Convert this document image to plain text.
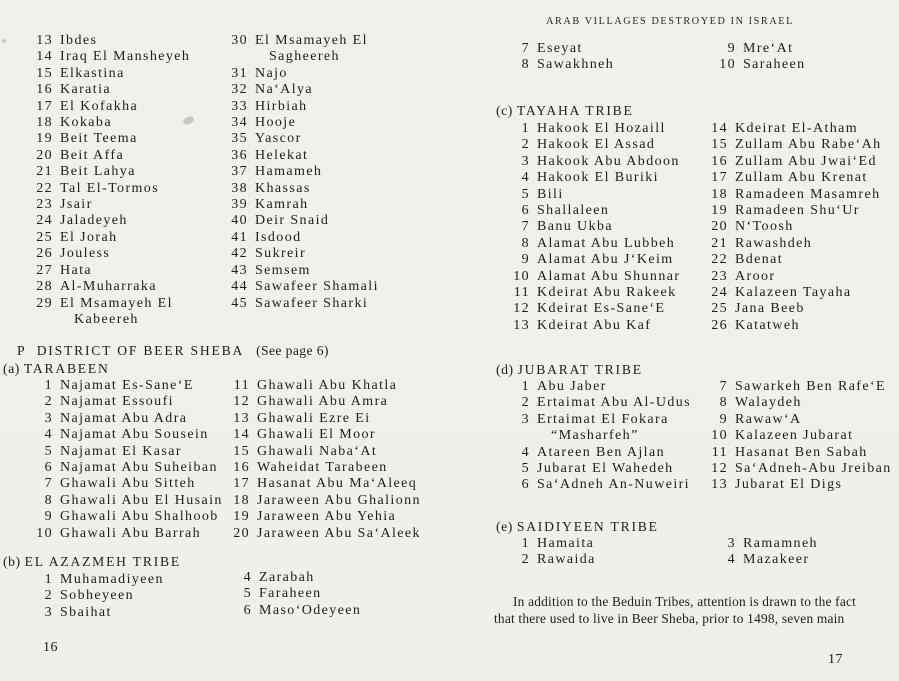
13 Ibdes
14 Iraq El Mansheyeh
15 Elkastina
16 Karatia
17 El Kofakha
18 Kokaba
19 Beit Teema
20 Beit Affa
21 Beit Lahya
22 Tal El-Tormos
23 Jsair
24 Jaladeyeh
25 El Jorah
26 Jouless
27 Hata
28 Al-Muharraka
29 El Msamayeh El
Kabeereh
30 El Msamayeh El
Sagheereh
31 Najo
32 Na‘Alya
33 Hirbiah
34 Hooje
35 Yascor
36 Helekat
37 Hamameh
38 Khassas
39 Kamrah
40 Deir Snaid
41 Isdood
42 Sukreir
43 Semsem
44 Sawafeer Shamali
45 Sawafeer Sharki
P DISTRICT OF BEER SHEBA (See page 6)
(a) TARABEEN
1 Najamat Es-Sane‘E
2 Najamat Essoufi
3 Najamat Abu Adra
4 Najamat Abu Sousein
5 Najamat El Kasar
6 Najamat Abu Suheiban
7 Ghawali Abu Sitteh
8 Ghawali Abu El Husain
9 Ghawali Abu Shalhoob
10 Ghawali Abu Barrah
11 Ghawali Abu Khatla
12 Ghawali Abu Amra
13 Ghawali Ezre Ei
14 Ghawali El Moor
15 Ghawali Naba‘At
16 Waheidat Tarabeen
17 Hasanat Abu Ma‘Aleeq
18 Jaraween Abu Ghalionn
19 Jaraween Abu Yehia
20 Jaraween Abu Sa‘Aleek
(b) EL AZAZMEH TRIBE
1 Muhamadiyeen
2 Sobheyeen
3 Sbaihat
4 Zarabah
5 Faraheen
6 Maso‘Odeyeen
16
ARAB VILLAGES DESTROYED IN ISRAEL
7 Eseyat
8 Sawakhneh
9 Mre‘At
10 Saraheen
(c) TAYAHA TRIBE
1 Hakook El Hozaill
2 Hakook El Assad
3 Hakook Abu Abdoon
4 Hakook El Buriki
5 Bili
6 Shallaleen
7 Banu Ukba
8 Alamat Abu Lubbeh
9 Alamat Abu J‘Keim
10 Alamat Abu Shunnar
11 Kdeirat Abu Rakeek
12 Kdeirat Es-Sane‘E
13 Kdeirat Abu Kaf
14 Kdeirat El-Atham
15 Zullam Abu Rabe‘Ah
16 Zullam Abu Jwai‘Ed
17 Zullam Abu Krenat
18 Ramadeen Masamreh
19 Ramadeen Shu‘Ur
20 N‘Toosh
21 Rawashdeh
22 Bdenat
23 Aroor
24 Kalazeen Tayaha
25 Jana Beeb
26 Katatweh
(d) JUBARAT TRIBE
1 Abu Jaber
2 Ertaimat Abu Al-Udus
3 Ertaimat El Fokara
“Masharfeh”
4 Atareen Ben Ajlan
5 Jubarat El Wahedeh
6 Sa‘Adneh An-Nuweiri
7 Sawarkeh Ben Rafe‘E
8 Walaydeh
9 Rawaw‘A
10 Kalazeen Jubarat
11 Hasanat Ben Sabah
12 Sa‘Adneh-Abu Jreiban
13 Jubarat El Digs
(e) SAIDIYEEN TRIBE
1 Hamaita
2 Rawaida
3 Ramamneh
4 Mazakeer
In addition to the Beduin Tribes, attention is drawn to the fact
that there used to live in Beer Sheba, prior to 1498, seven main
17
